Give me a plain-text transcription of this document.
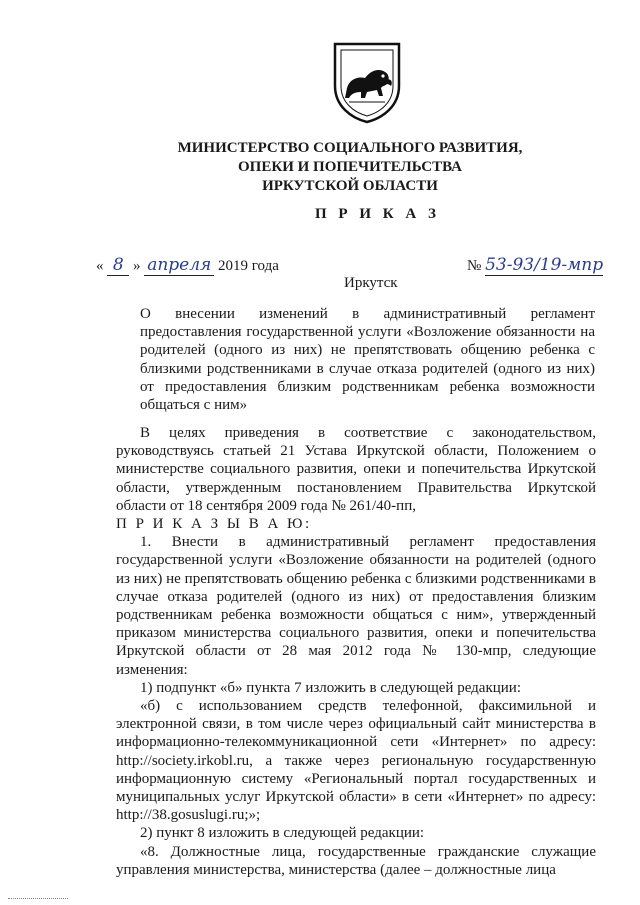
МИНИСТЕРСТВО СОЦИАЛЬНОГО РАЗВИТИЯ,
ОПЕКИ И ПОПЕЧИТЕЛЬСТВА
ИРКУТСКОЙ ОБЛАСТИ
П Р И К А З
« 8 » апреля 2019 года	№ 53-93/19-мпр
Иркутск
О внесении изменений в административный регламент предоставления государственной услуги «Возложение обязанности на родителей (одного из них) не препятствовать общению ребенка с близкими родственниками в случае отказа родителей (одного из них) от предоставления близким родственникам ребенка возможности общаться с ним»

В целях приведения в соответствие с законодательством, руководствуясь статьей 21 Устава Иркутской области, Положением о министерстве социального развития, опеки и попечительства Иркутской области, утвержденным постановлением Правительства Иркутской области от 18 сентября 2009 года № 261/40-пп,

П Р И К А З Ы В А Ю:

1. Внести в административный регламент предоставления государственной услуги «Возложение обязанности на родителей (одного из них) не препятствовать общению ребенка с близкими родственниками в случае отказа родителей (одного из них) от предоставления близким родственникам ребенка возможности общаться с ним», утвержденный приказом министерства социального развития, опеки и попечительства Иркутской области от 28 мая 2012 года № 130-мпр, следующие изменения:

1) подпункт «б» пункта 7 изложить в следующей редакции:

«б) с использованием средств телефонной, факсимильной и электронной связи, в том числе через официальный сайт министерства в информационно-телекоммуникационной сети «Интернет» по адресу: http://society.irkobl.ru, а также через региональную государственную информационную систему «Региональный портал государственных и муниципальных услуг Иркутской области» в сети «Интернет» по адресу: http://38.gosuslugi.ru;»;

2) пункт 8 изложить в следующей редакции:

«8. Должностные лица, государственные гражданские служащие управления министерства, министерства (далее – должностные лица
